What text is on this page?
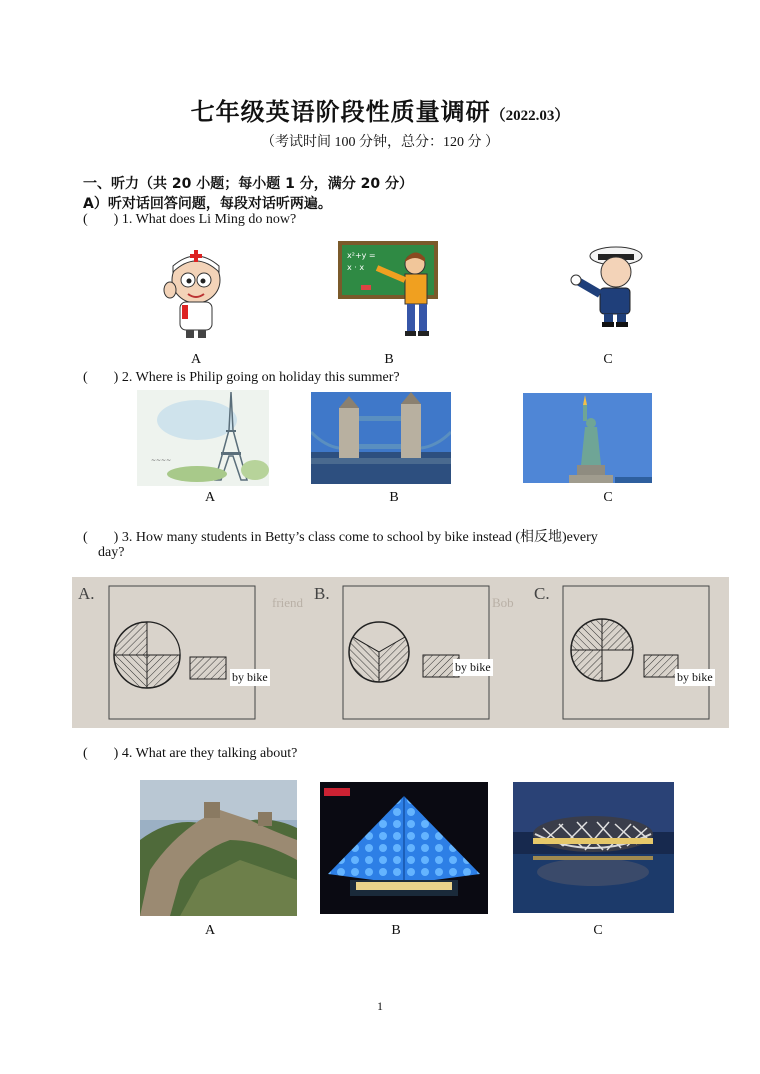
七年级英语阶段性质量调研（2022.03）
（考试时间 100 分钟，总分：120 分 ）
一、听力（共 20 小题；每小题 1 分，满分 20 分）
A）听对话回答问题，每段对话听两遍。
( ) 1. What does Li Ming do now?
x²+y =
x · x
A	B	C
( ) 2. Where is Philip going on holiday this summer?
~~~~
A	B	C
( ) 3. How many students in Betty’s class come to school by bike instead (相反地)every
day?
Bob
friend
A.	B.	C.
by bike
by bike
by bike
( ) 4. What are they talking about?
A	B	C
1
